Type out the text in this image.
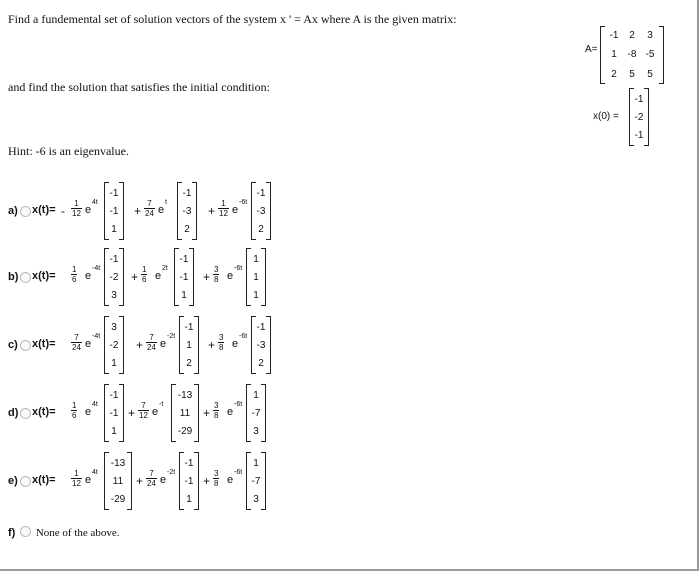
Find a fundemental set of solution vectors of the system x ' = Ax where A is the given matrix:
and find the solution that satisfies the initial condition:
Hint: -6 is an eigenvalue.
A=
-1	2	3
1	-8 -5
2	5	5
x(0) =
-1
-2
-1
a) $x(t)= - \frac{1}{12}$ e
4t
-1
-1
1
+ $\frac{7}{24}$ e
t
-1
-3
2
+ $\frac{1}{12}$ e
-6t
-1
-3
2
b) $x(t)= \frac{1}{6}$ e
-4t
-1
-2
3
+ $\frac{1}{6}$ e
2t
-1
-1
1
+ $\frac{3}{8}$ e
-6t
1
1
1
c) $x(t)= \frac{7}{24}$ e
-4t
3
-2
1
+ $\frac{7}{24}$ e
-2t
-1
1
2
+ $\frac{3}{8}$ e
-6t
-1
-3
2
d) $x(t)= \frac{1}{6}$ e
4t
-1
-1
1
+ $\frac{7}{12}$ e
-t
-13
11
-29
+ $\frac{3}{8}$ e
-6t
1
-7
3
e) $x(t)= \frac{1}{12}$ e
4t
-13
11
-29
+ $\frac{7}{24}$ e
-2t
-1
-1
1
+ $\frac{3}{8}$ e
-6t
1
-7
3
f) None of the above.
